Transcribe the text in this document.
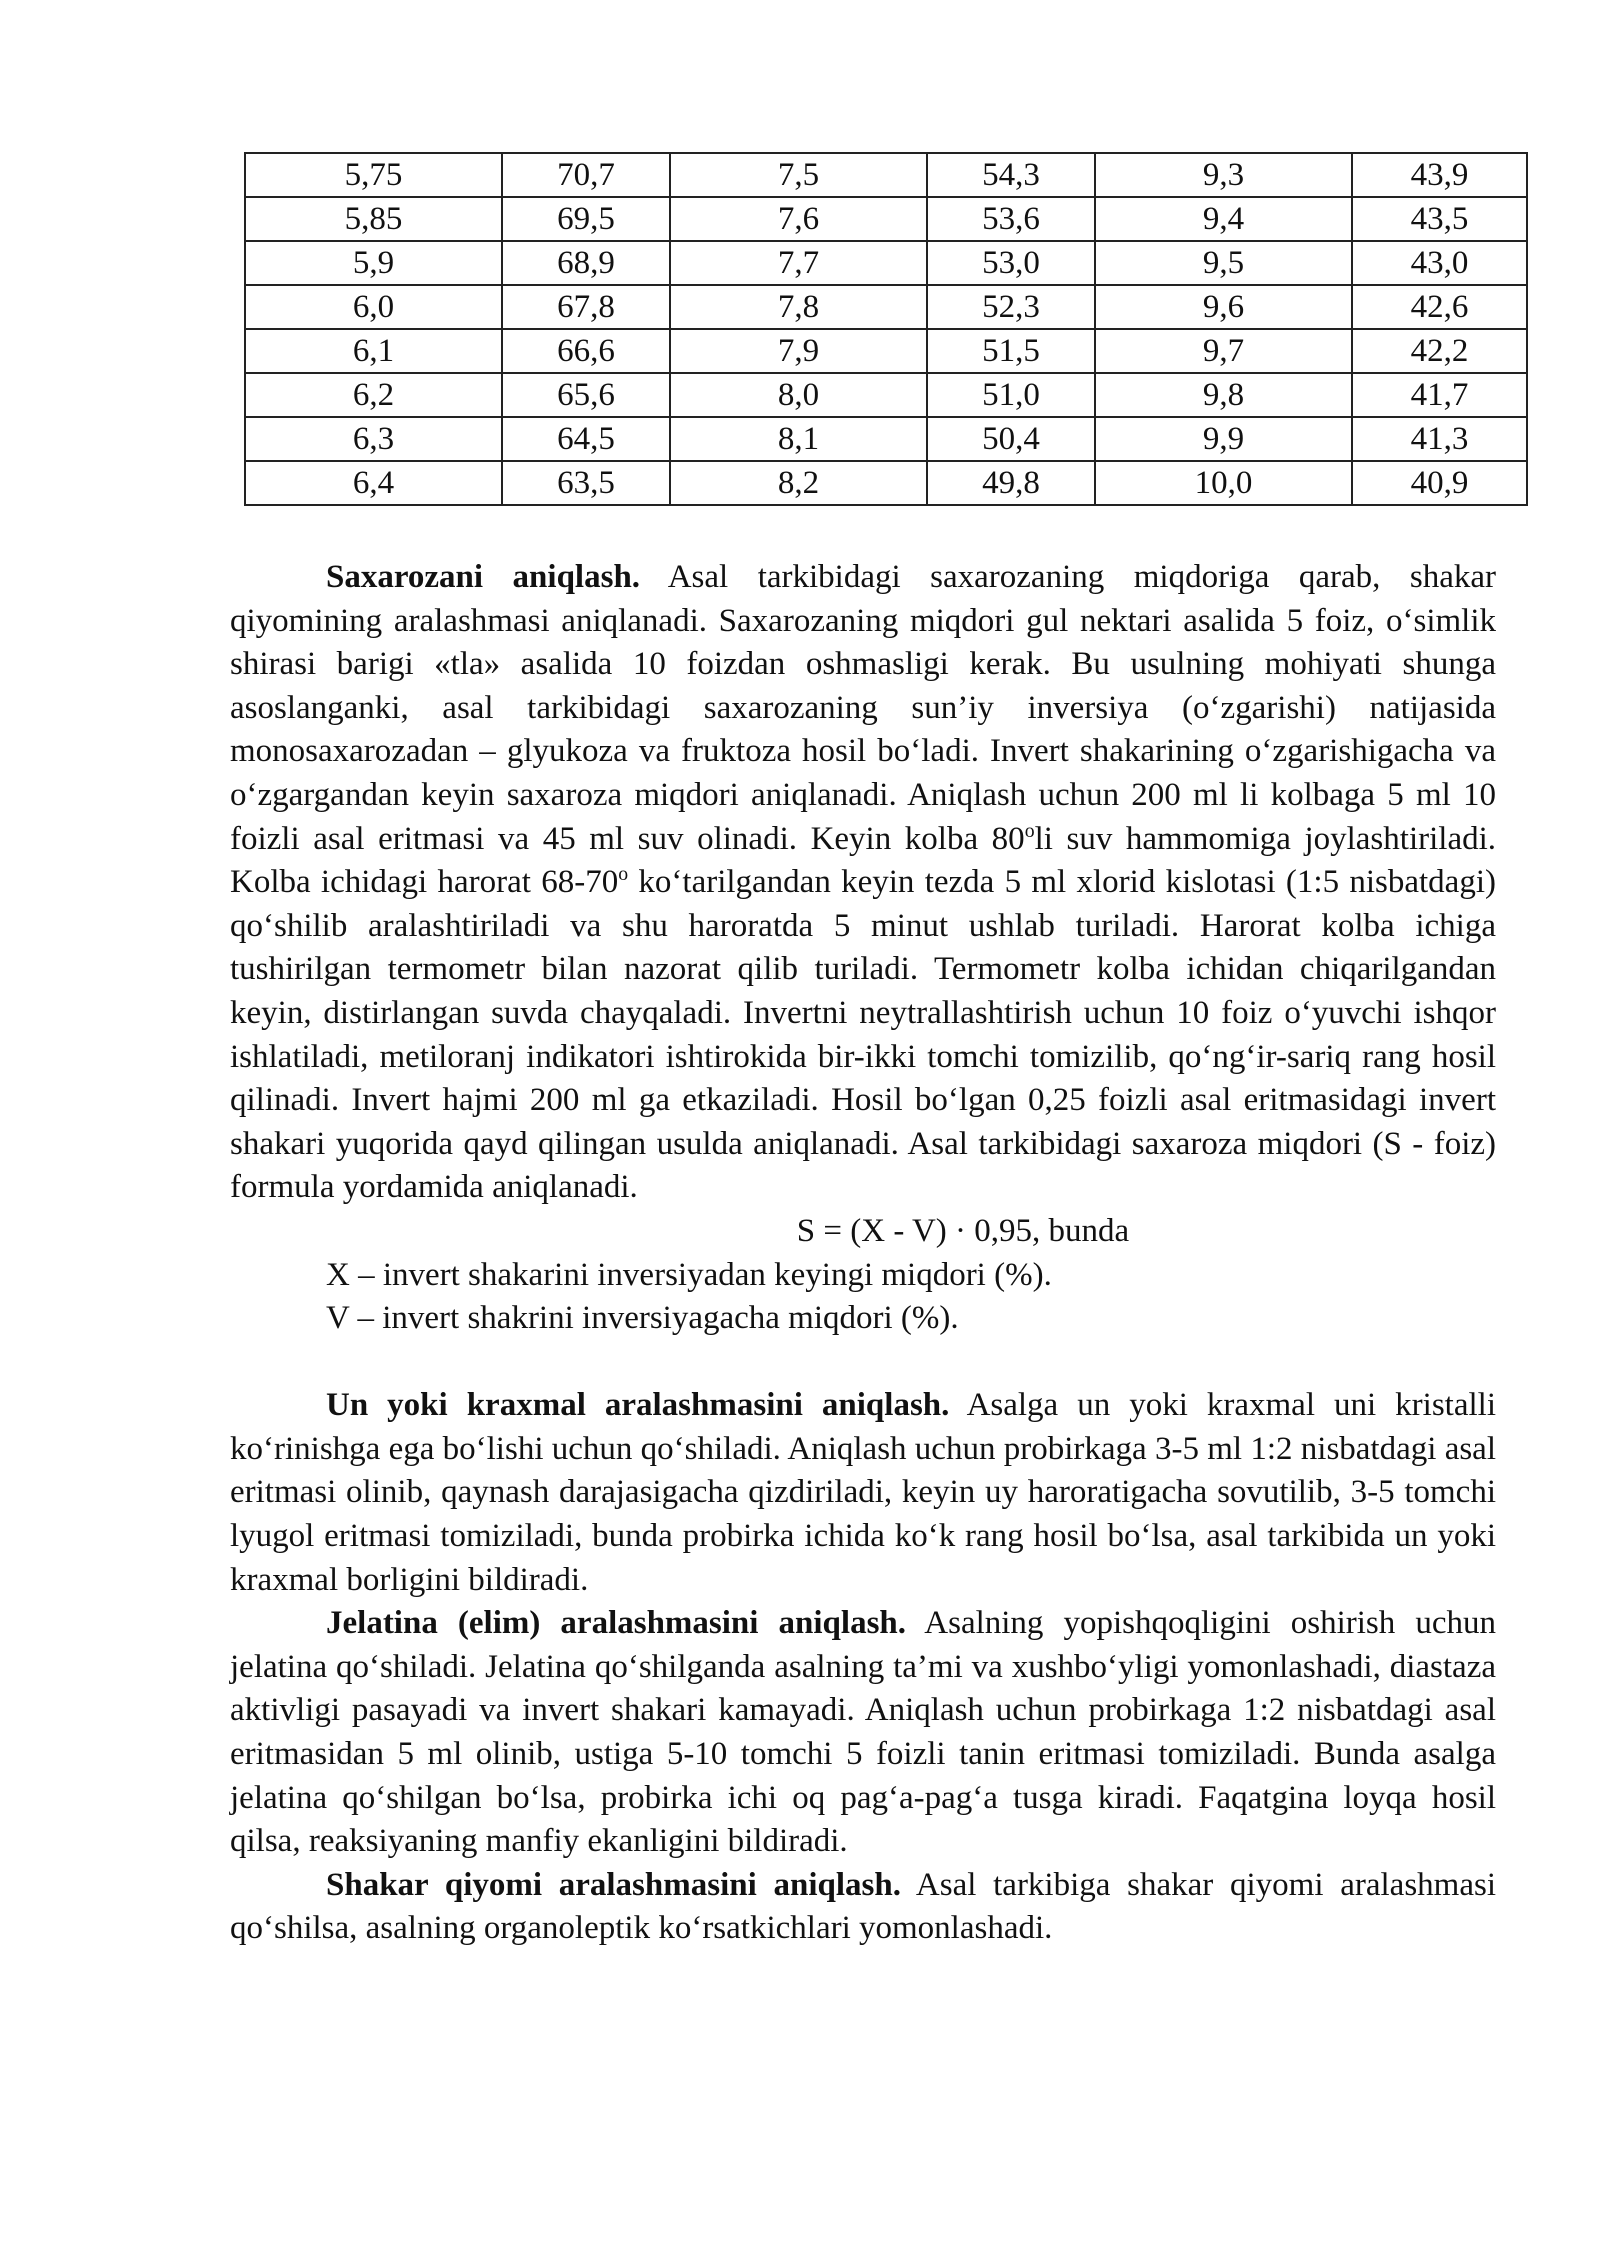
5,75	70,7	7,5	54,3	9,3	43,9
5,85	69,5	7,6	53,6	9,4	43,5
5,9	68,9	7,7	53,0	9,5	43,0
6,0	67,8	7,8	52,3	9,6	42,6
6,1	66,6	7,9	51,5	9,7	42,2
6,2	65,6	8,0	51,0	9,8	41,7
6,3	64,5	8,1	50,4	9,9	41,3
6,4	63,5	8,2	49,8	10,0	40,9

Saxarozani aniqlash. Asal tarkibidagi saxarozaning miqdoriga qarab, shakar qiyomining aralashmasi aniqlanadi. Saxarozaning miqdori gul nektari asalida 5 foiz, o‘simlik shirasi barigi «tla» asalida 10 foizdan oshmasligi kerak. Bu usulning mohiyati shunga asoslanganki, asal tarkibidagi saxarozaning sun’iy inversiya (o‘zgarishi) natijasida monosaxarozadan – glyukoza va fruktoza hosil bo‘ladi. Invert shakarining o‘zgarishigacha va o‘zgargandan keyin saxaroza miqdori aniqlanadi. Aniqlash uchun 200 ml li kolbaga 5 ml 10 foizli asal eritmasi va 45 ml suv olinadi. Keyin kolba 80$^o$li suv hammomiga joylashtiriladi. Kolba ichidagi harorat 68-70$^o$ ko‘tarilgandan keyin tezda 5 ml xlorid kislotasi (1:5 nisbatdagi) qo‘shilib aralashtiriladi va shu haroratda 5 minut ushlab turiladi. Harorat kolba ichiga tushirilgan termometr bilan nazorat qilib turiladi. Termometr kolba ichidan chiqarilgandan keyin, distirlangan suvda chayqaladi. Invertni neytrallashtirish uchun 10 foiz o‘yuvchi ishqor ishlatiladi, metiloranj indikatori ishtirokida bir-ikki tomchi tomizilib, qo‘ng‘ir-sariq rang hosil qilinadi. Invert hajmi 200 ml ga etkaziladi. Hosil bo‘lgan 0,25 foizli asal eritmasidagi invert shakari yuqorida qayd qilingan usulda aniqlanadi. Asal tarkibidagi saxaroza miqdori (S - foiz) formula yordamida aniqlanadi.

S = (X - V) · 0,95, bunda

X – invert shakarini inversiyadan keyingi miqdori (%).

V – invert shakrini inversiyagacha miqdori (%).

Un yoki kraxmal aralashmasini aniqlash. Asalga un yoki kraxmal uni kristalli ko‘rinishga ega bo‘lishi uchun qo‘shiladi. Aniqlash uchun probirkaga 3-5 ml 1:2 nisbatdagi asal eritmasi olinib, qaynash darajasigacha qizdiriladi, keyin uy haroratigacha sovutilib, 3-5 tomchi lyugol eritmasi tomiziladi, bunda probirka ichida ko‘k rang hosil bo‘lsa, asal tarkibida un yoki kraxmal borligini bildiradi.

Jelatina (elim) aralashmasini aniqlash. Asalning yopishqoqligini oshirish uchun jelatina qo‘shiladi. Jelatina qo‘shilganda asalning ta’mi va xushbo‘yligi yomonlashadi, diastaza aktivligi pasayadi va invert shakari kamayadi. Aniqlash uchun probirkaga 1:2 nisbatdagi asal eritmasidan 5 ml olinib, ustiga 5-10 tomchi 5 foizli tanin eritmasi tomiziladi. Bunda asalga jelatina qo‘shilgan bo‘lsa, probirka ichi oq pag‘a-pag‘a tusga kiradi. Faqatgina loyqa hosil qilsa, reaksiyaning manfiy ekanligini bildiradi.

Shakar qiyomi aralashmasini aniqlash. Asal tarkibiga shakar qiyomi aralashmasi qo‘shilsa, asalning organoleptik ko‘rsatkichlari yomonlashadi.
